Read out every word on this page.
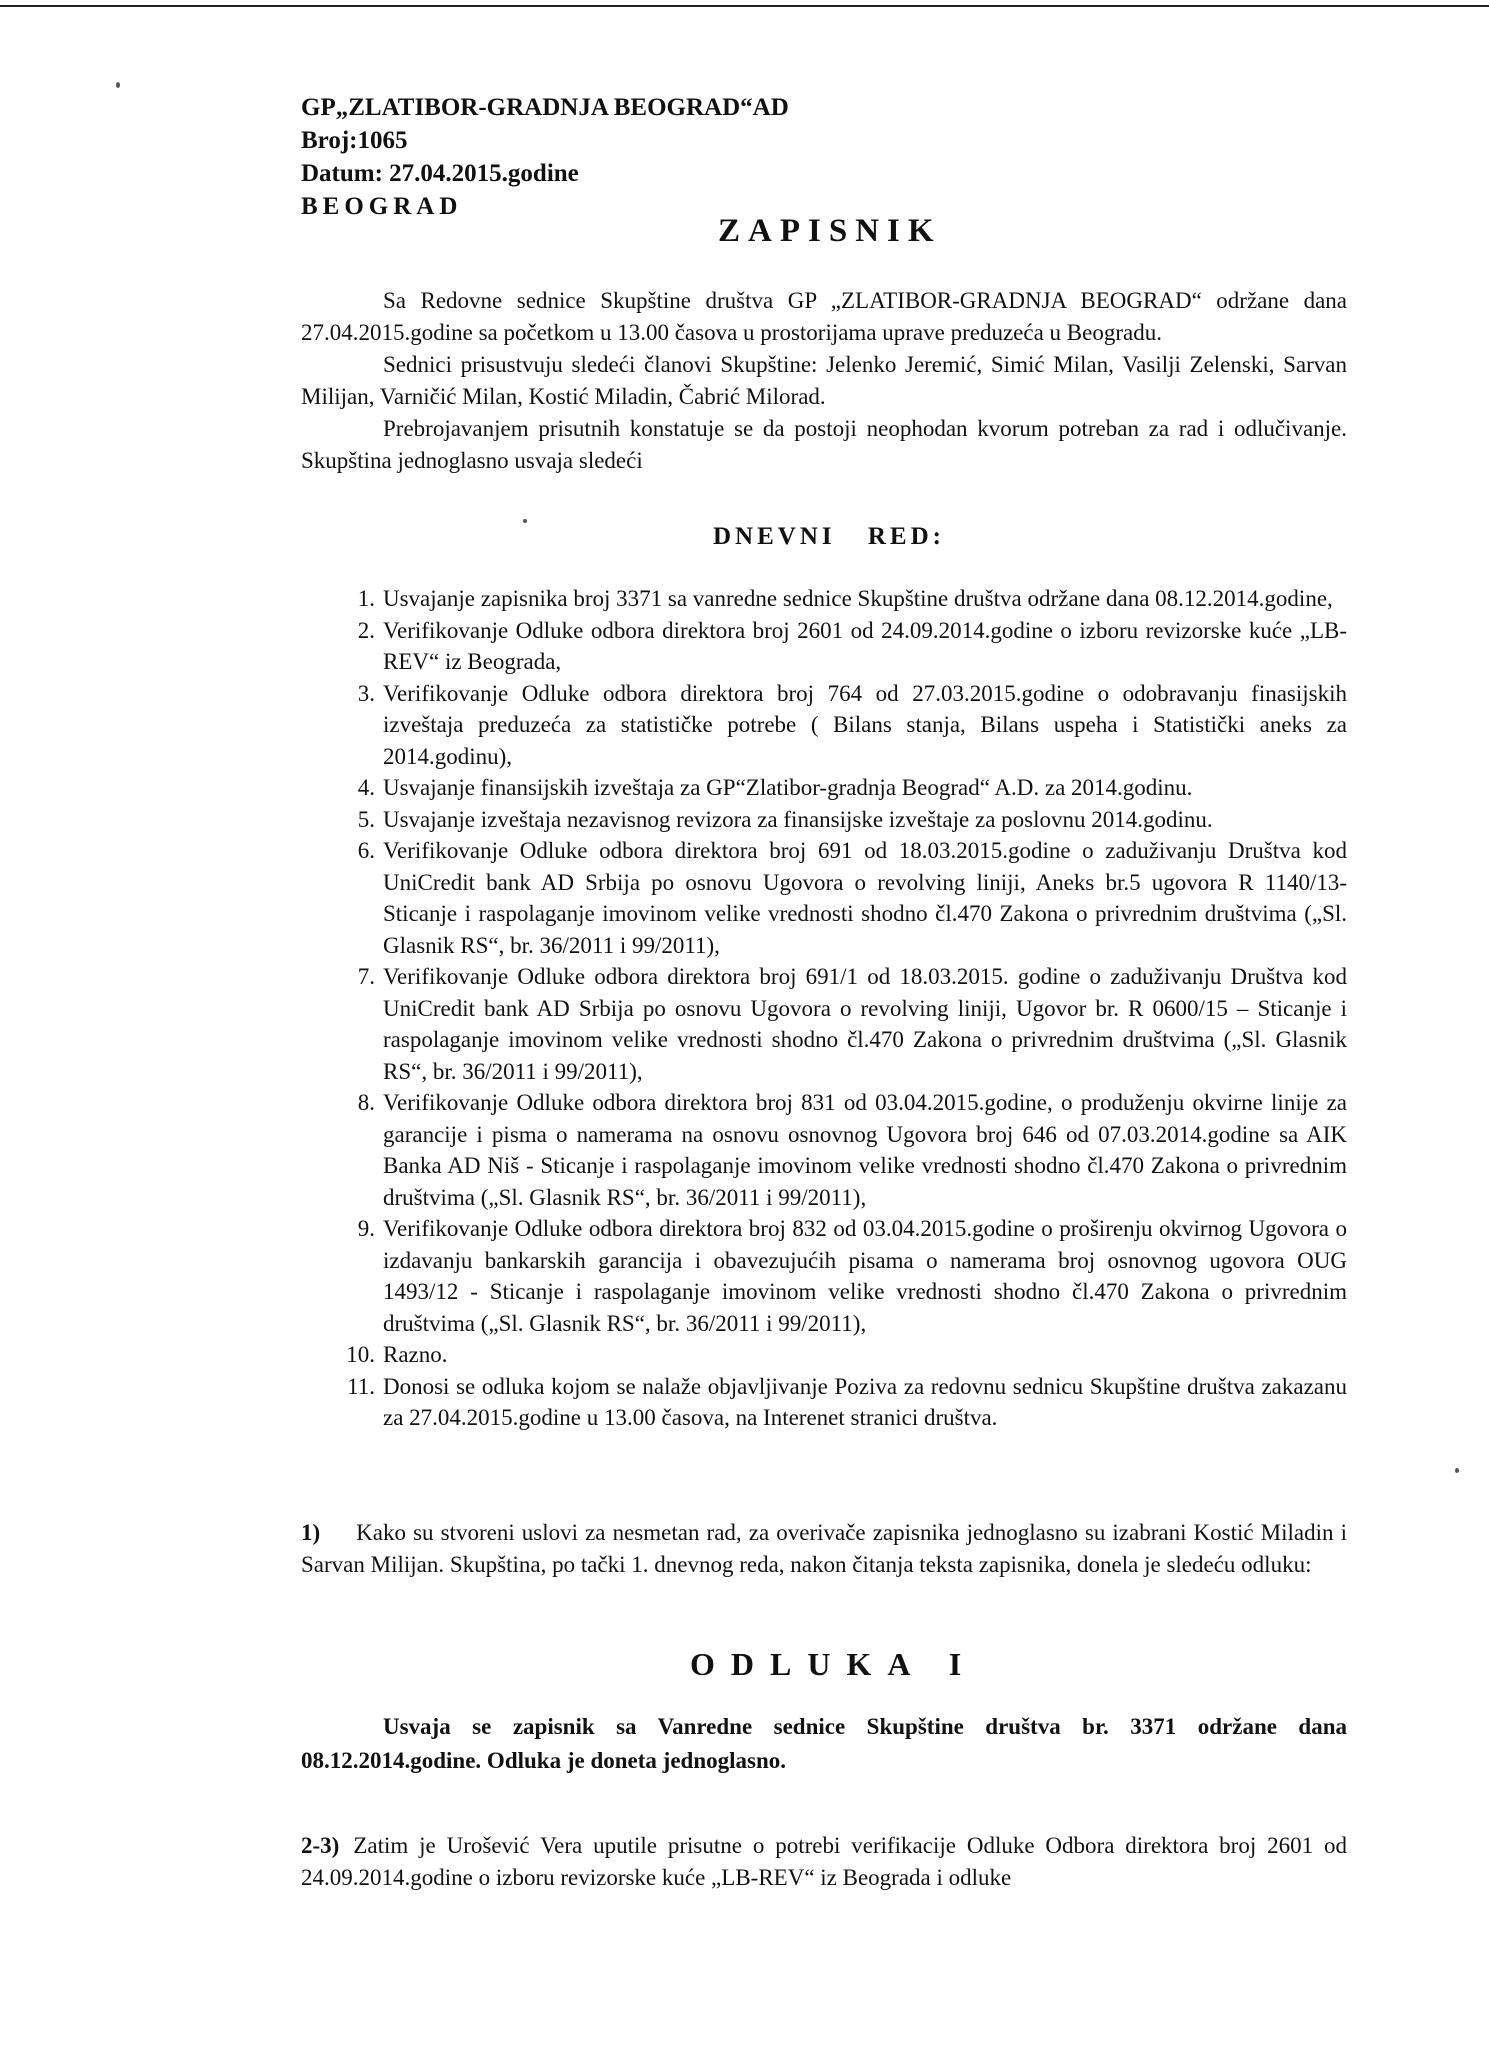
GP„ZLATIBOR-GRADNJA BEOGRAD“AD
Broj:1065
Datum: 27.04.2015.godine
BEOGRAD
ZAPISNIK

Sa Redovne sednice Skupštine društva GP „ZLATIBOR-GRADNJA BEOGRAD“ održane dana 27.04.2015.godine sa početkom u 13.00 časova u prostorijama uprave preduzeća u Beogradu.

Sednici prisustvuju sledeći članovi Skupštine: Jelenko Jeremić, Simić Milan, Vasilji Zelenski, Sarvan Milijan, Varničić Milan, Kostić Miladin, Čabrić Milorad.

Prebrojavanjem prisutnih konstatuje se da postoji neophodan kvorum potreban za rad i odlučivanje. Skupština jednoglasno usvaja sledeći

DNEVNI RED:
1. Usvajanje zapisnika broj 3371 sa vanredne sednice Skupštine društva održane dana 08.12.2014.godine,
2. Verifikovanje Odluke odbora direktora broj 2601 od 24.09.2014.godine o izboru revizorske kuće „LB-REV“ iz Beograda,
3. Verifikovanje Odluke odbora direktora broj 764 od 27.03.2015.godine o odobravanju finasijskih izveštaja preduzeća za statističke potrebe ( Bilans stanja, Bilans uspeha i Statistički aneks za 2014.godinu),
4. Usvajanje finansijskih izveštaja za GP“Zlatibor-gradnja Beograd“ A.D. za 2014.godinu.
5. Usvajanje izveštaja nezavisnog revizora za finansijske izveštaje za poslovnu 2014.godinu.
6. Verifikovanje Odluke odbora direktora broj 691 od 18.03.2015.godine o zaduživanju Društva kod UniCredit bank AD Srbija po osnovu Ugovora o revolving liniji, Aneks br.5 ugovora R 1140/13- Sticanje i raspolaganje imovinom velike vrednosti shodno čl.470 Zakona o privrednim društvima („Sl. Glasnik RS“, br. 36/2011 i 99/2011),
7. Verifikovanje Odluke odbora direktora broj 691/1 od 18.03.2015. godine o zaduživanju Društva kod UniCredit bank AD Srbija po osnovu Ugovora o revolving liniji, Ugovor br. R 0600/15 – Sticanje i raspolaganje imovinom velike vrednosti shodno čl.470 Zakona o privrednim društvima („Sl. Glasnik RS“, br. 36/2011 i 99/2011),
8. Verifikovanje Odluke odbora direktora broj 831 od 03.04.2015.godine, o produženju okvirne linije za garancije i pisma o namerama na osnovu osnovnog Ugovora broj 646 od 07.03.2014.godine sa AIK Banka AD Niš - Sticanje i raspolaganje imovinom velike vrednosti shodno čl.470 Zakona o privrednim društvima („Sl. Glasnik RS“, br. 36/2011 i 99/2011),
9. Verifikovanje Odluke odbora direktora broj 832 od 03.04.2015.godine o proširenju okvirnog Ugovora o izdavanju bankarskih garancija i obavezujućih pisama o namerama broj osnovnog ugovora OUG 1493/12 - Sticanje i raspolaganje imovinom velike vrednosti shodno čl.470 Zakona o privrednim društvima („Sl. Glasnik RS“, br. 36/2011 i 99/2011),
10. Razno.
11. Donosi se odluka kojom se nalaže objavljivanje Poziva za redovnu sednicu Skupštine društva zakazanu za 27.04.2015.godine u 13.00 časova, na Interenet stranici društva.
1) Kako su stvoreni uslovi za nesmetan rad, za overivače zapisnika jednoglasno su izabrani Kostić Miladin i Sarvan Milijan. Skupština, po tački 1. dnevnog reda, nakon čitanja teksta zapisnika, donela je sledeću odluku:
ODLUKA I
Usvaja se zapisnik sa Vanredne sednice Skupštine društva br. 3371 održane dana 08.12.2014.godine. Odluka je doneta jednoglasno.
2-3) Zatim je Urošević Vera uputile prisutne o potrebi verifikacije Odluke Odbora direktora broj 2601 od 24.09.2014.godine o izboru revizorske kuće „LB-REV“ iz Beograda i odluke
